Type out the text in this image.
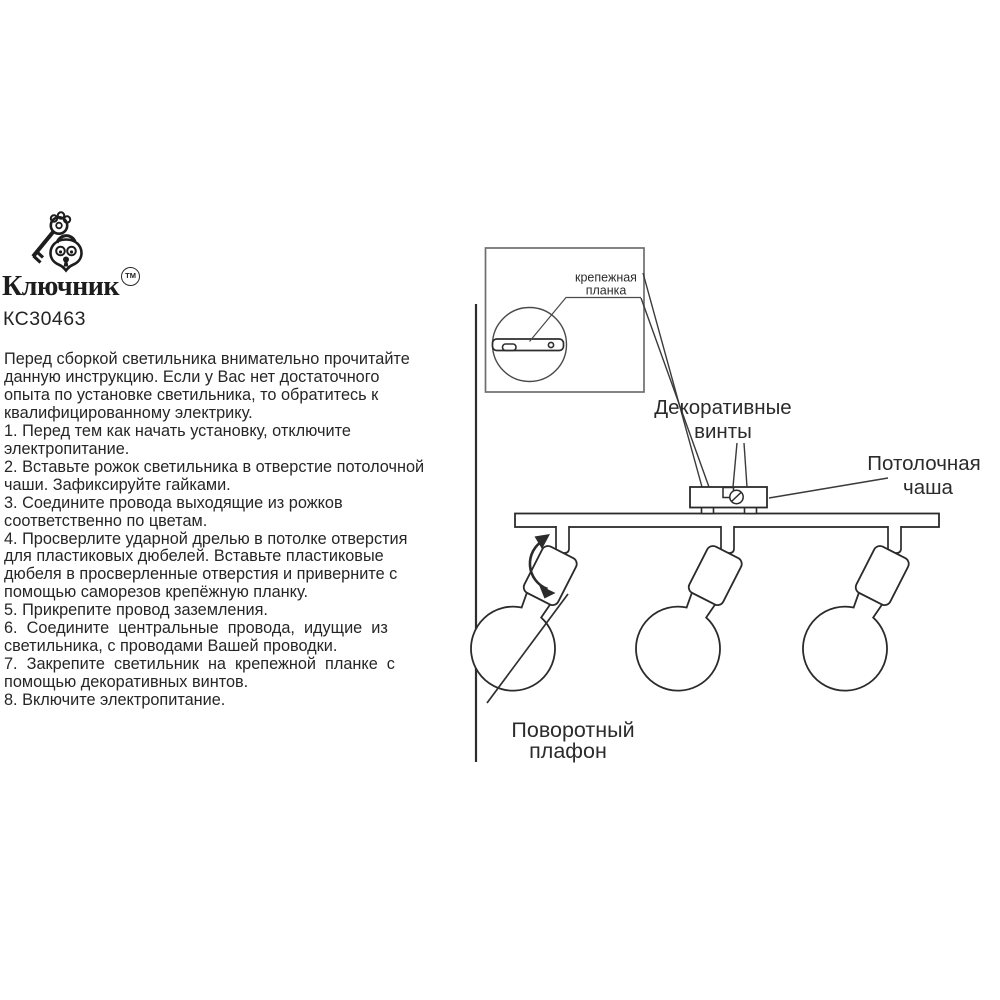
Ключник TM
КС30463
Перед сборкой светильника внимательно прочитайте
данную инструкцию. Если у Вас нет достаточного
опыта по установке светильника, то обратитесь к
квалифицированному электрику.
1. Перед тем как начать установку, отключите
электропитание.
2. Вставьте рожок светильника в отверстие потолочной
чаши. Зафиксируйте гайками.
3. Соедините провода выходящие из рожков
соответственно по цветам.
4. Просверлите ударной дрелью в потолке отверстия
для пластиковых дюбелей. Вставьте пластиковые
дюбеля в просверленные отверстия и приверните с
помощью саморезов крепёжную планку.
5. Прикрепите провод заземления.
6.  Соедините  центральные  провода,  идущие  из
светильника, с проводами Вашей проводки.
7.  Закрепите  светильник  на  крепежной  планке  с
помощью декоративных винтов.
8. Включите электропитание.
крепежная
планка
Декоративные
винты
Потолочная
чаша
Поворотный
плафон
